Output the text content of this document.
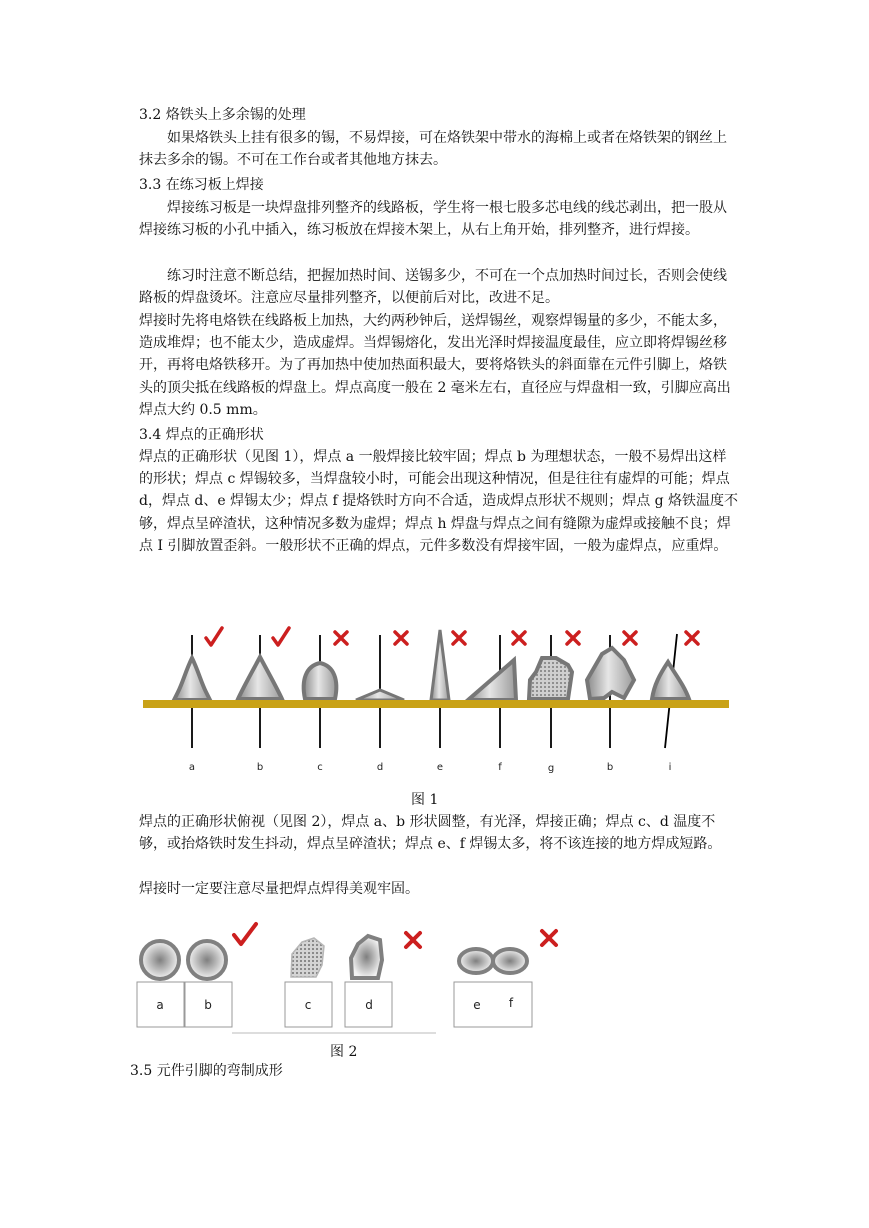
3.2 烙铁头上多余锡的处理

如果烙铁头上挂有很多的锡，不易焊接，可在烙铁架中带水的海棉上或者在烙铁架的钢丝上抹去多余的锡。不可在工作台或者其他地方抹去。

3.3 在练习板上焊接

焊接练习板是一块焊盘排列整齐的线路板，学生将一根七股多芯电线的线芯剥出，把一股从焊接练习板的小孔中插入，练习板放在焊接木架上，从右上角开始，排列整齐，进行焊接。

练习时注意不断总结，把握加热时间、送锡多少，不可在一个点加热时间过长，否则会使线路板的焊盘烫坏。注意应尽量排列整齐，以便前后对比，改进不足。

焊接时先将电烙铁在线路板上加热，大约两秒钟后，送焊锡丝，观察焊锡量的多少，不能太多，造成堆焊；也不能太少，造成虚焊。当焊锡熔化，发出光泽时焊接温度最佳，应立即将焊锡丝移开，再将电烙铁移开。为了再加热中使加热面积最大，要将烙铁头的斜面靠在元件引脚上，烙铁头的顶尖抵在线路板的焊盘上。焊点高度一般在 2 毫米左右，直径应与焊盘相一致，引脚应高出焊点大约 0.5 mm。

3.4 焊点的正确形状

焊点的正确形状（见图 1），焊点 a 一般焊接比较牢固；焊点 b 为理想状态，一般不易焊出这样的形状；焊点 c 焊锡较多，当焊盘较小时，可能会出现这种情况，但是往往有虚焊的可能；焊点 d，焊点 d、e 焊锡太少；焊点 f 提烙铁时方向不合适，造成焊点形状不规则；焊点 g 烙铁温度不够，焊点呈碎渣状，这种情况多数为虚焊；焊点 h 焊盘与焊点之间有缝隙为虚焊或接触不良；焊点 I 引脚放置歪斜。一般形状不正确的焊点，元件多数没有焊接牢固，一般为虚焊点，应重焊。

a	b	c	d	e	f	g	b	i
图 1

焊点的正确形状俯视（见图 2），焊点 a、b 形状圆整，有光泽，焊接正确；焊点 c、d 温度不够，或抬烙铁时发生抖动，焊点呈碎渣状；焊点 e、f 焊锡太多，将不该连接的地方焊成短路。

焊接时一定要注意尽量把焊点焊得美观牢固。

a	b	c	d	e f
图 2
3.5 元件引脚的弯制成形
